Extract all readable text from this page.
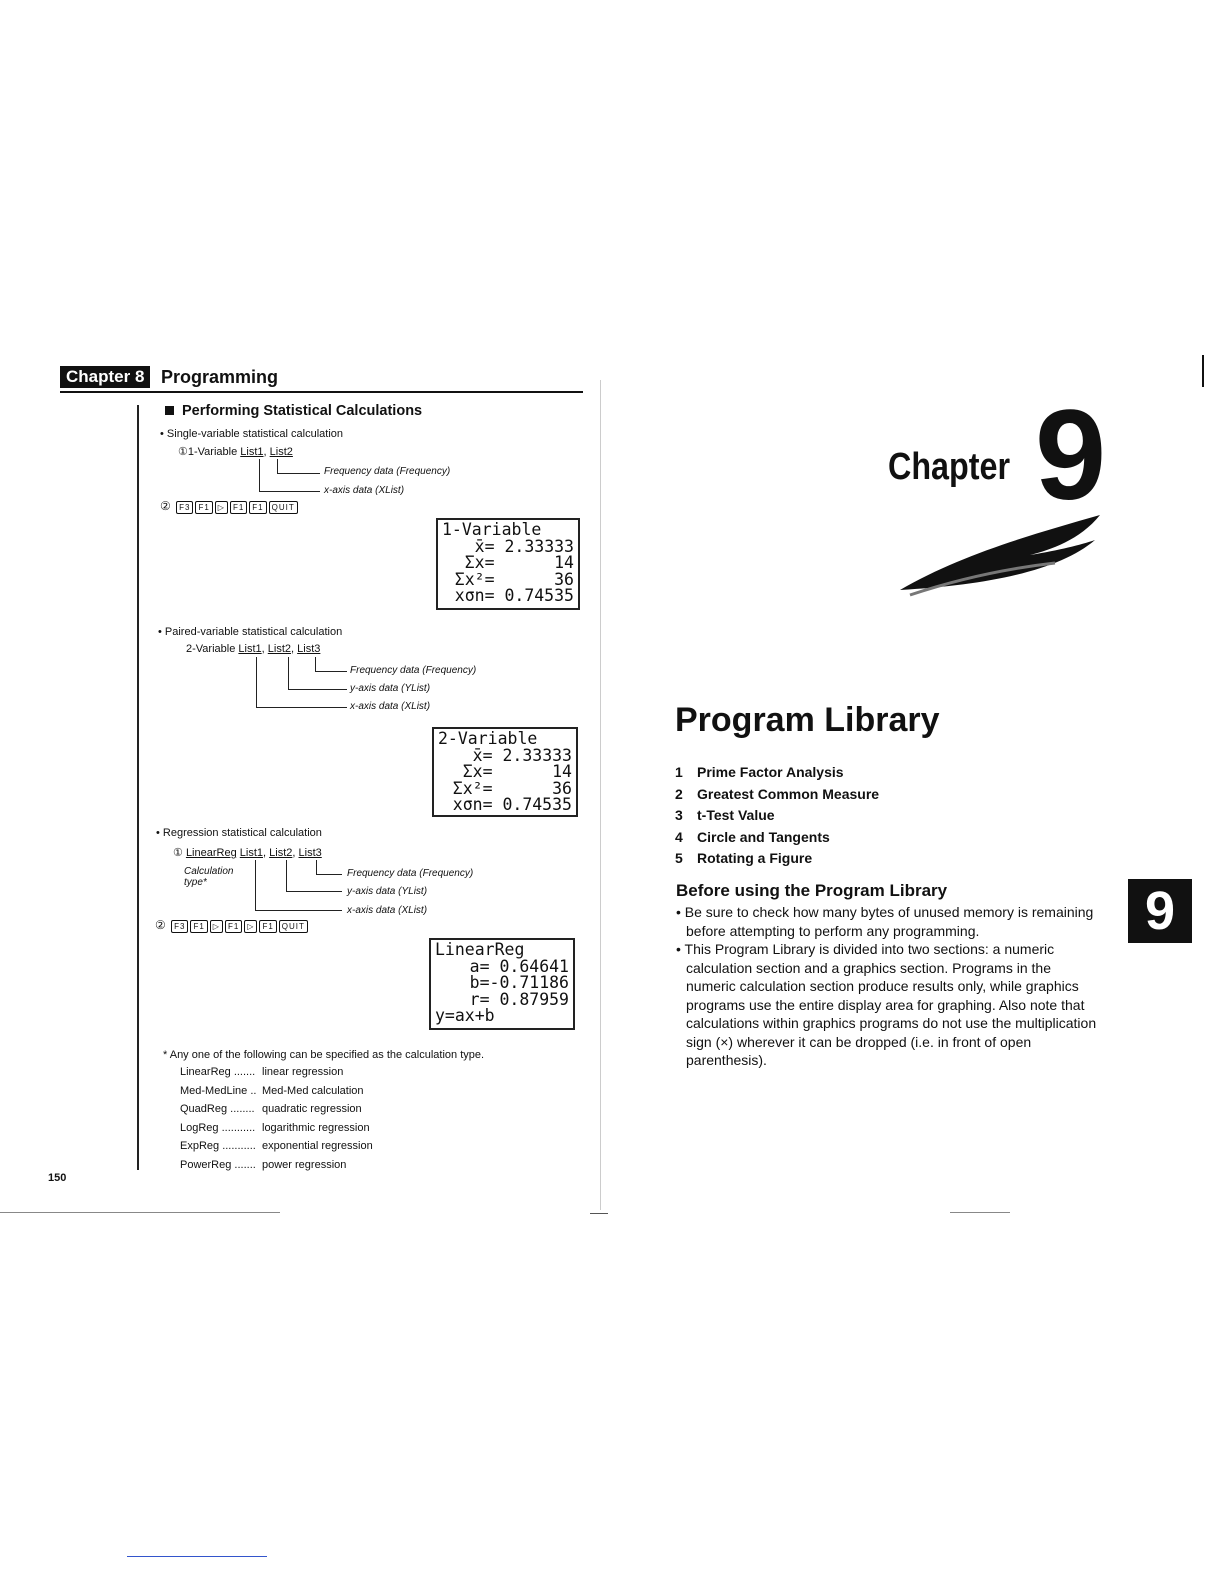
Chapter 8 Programming
Performing Statistical Calculations
• Single-variable statistical calculation
①1-Variable List1, List2
Frequency data (Frequency)
x-axis data (XList)
② F3 F1 ▷ F1 F1 QUIT
1-Variable
x̄= 2.33333
Σx=      14
Σx²=      36
xσn= 0.74535
• Paired-variable statistical calculation
2-Variable List1, List2, List3
Frequency data (Frequency)
y-axis data (YList)
x-axis data (XList)
2-Variable
x̄= 2.33333
Σx=      14
Σx²=      36
xσn= 0.74535
• Regression statistical calculation
① LinearReg List1, List2, List3
Calculation type*
Frequency data (Frequency)
y-axis data (YList)
x-axis data (XList)
② F3 F1 ▷ F1 ▷ F1 QUIT
LinearReg
a= 0.64641
b=-0.71186
r= 0.87959
y=ax+b
* Any one of the following can be specified as the calculation type.
LinearReg ....... linear regression
Med-MedLine .. Med-Med calculation
QuadReg ........ quadratic regression
LogReg ........... logarithmic regression
ExpReg ........... exponential regression
PowerReg ....... power regression
150
Chapter 9
Program Library
1 Prime Factor Analysis
2 Greatest Common Measure
3 t-Test Value
4 Circle and Tangents
5 Rotating a Figure
Before using the Program Library
• Be sure to check how many bytes of unused memory is remaining before attempting to perform any programming.
• This Program Library is divided into two sections: a numeric calculation section and a graphics section. Programs in the numeric calculation section produce results only, while graphics programs use the entire display area for graphing. Also note that calculations within graphics programs do not use the multiplication sign (×) wherever it can be dropped (i.e. in front of open parenthesis).
9
